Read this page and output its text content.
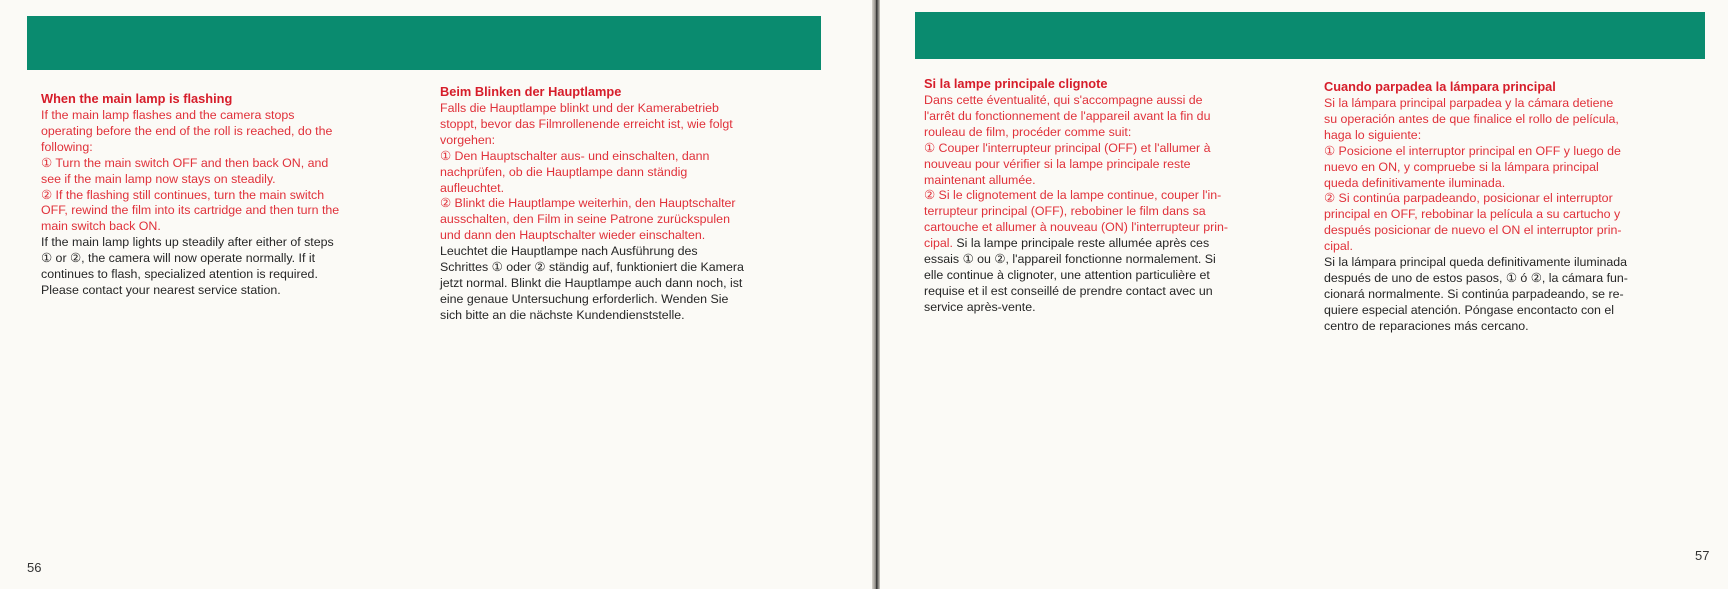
When the main lamp is flashing

If the main lamp flashes and the camera stops
operating before the end of the roll is reached, do the
following:
① Turn the main switch OFF and then back ON, and
see if the main lamp now stays on steadily.
② If the flashing still continues, turn the main switch
OFF, rewind the film into its cartridge and then turn the
main switch back ON.

If the main lamp lights up steadily after either of steps
① or ②, the camera will now operate normally. If it
continues to flash, specialized atention is required.
Please contact your nearest service station.

Beim Blinken der Hauptlampe

Falls die Hauptlampe blinkt und der Kamerabetrieb
stoppt, bevor das Filmrollenende erreicht ist, wie folgt
vorgehen:
① Den Hauptschalter aus- und einschalten, dann
nachprüfen, ob die Hauptlampe dann ständig
aufleuchtet.
② Blinkt die Hauptlampe weiterhin, den Hauptschalter
ausschalten, den Film in seine Patrone zurückspulen
und dann den Hauptschalter wieder einschalten.

Leuchtet die Hauptlampe nach Ausführung des
Schrittes ① oder ② ständig auf, funktioniert die Kamera
jetzt normal. Blinkt die Hauptlampe auch dann noch, ist
eine genaue Untersuchung erforderlich. Wenden Sie
sich bitte an die nächste Kundendienststelle.

56
Si la lampe principale clignote

Dans cette éventualité, qui s'accompagne aussi de
l'arrêt du fonctionnement de l'appareil avant la fin du
rouleau de film, procéder comme suit:
① Couper l'interrupteur principal (OFF) et l'allumer à
nouveau pour vérifier si la lampe principale reste
maintenant allumée.
② Si le clignotement de la lampe continue, couper l'in-
terrupteur principal (OFF), rebobiner le film dans sa
cartouche et allumer à nouveau (ON) l'interrupteur prin-
cipal. Si la lampe principale reste allumée après ces

essais ① ou ②, l'appareil fonctionne normalement. Si
elle continue à clignoter, une attention particulière et
requise et il est conseillé de prendre contact avec un
service après-vente.

Cuando parpadea la lámpara principal

Si la lámpara principal parpadea y la cámara detiene
su operación antes de que finalice el rollo de película,
haga lo siguiente:
① Posicione el interruptor principal en OFF y luego de
nuevo en ON, y compruebe si la lámpara principal
queda definitivamente iluminada.
② Si continúa parpadeando, posicionar el interruptor
principal en OFF, rebobinar la película a su cartucho y
después posicionar de nuevo el ON el interruptor prin-
cipal.

Si la lámpara principal queda definitivamente iluminada
después de uno de estos pasos, ① ó ②, la cámara fun-
cionará normalmente. Si continúa parpadeando, se re-
quiere especial atención. Póngase encontacto con el
centro de reparaciones más cercano.

57
